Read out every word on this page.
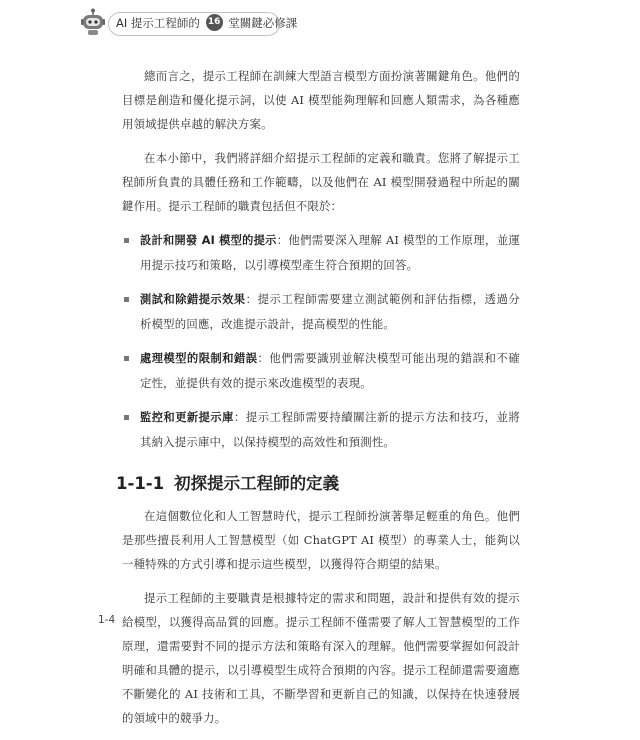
AI 提示工程師的 16 堂關鍵必修課

總而言之，提示工程師在訓練大型語言模型方面扮演著關鍵角色。他們的目標是創造和優化提示詞，以使 AI 模型能夠理解和回應人類需求，為各種應用領域提供卓越的解決方案。

在本小節中，我們將詳細介紹提示工程師的定義和職責。您將了解提示工程師所負責的具體任務和工作範疇，以及他們在 AI 模型開發過程中所起的關鍵作用。提示工程師的職責包括但不限於：

設計和開發 AI 模型的提示：他們需要深入理解 AI 模型的工作原理，並運用提示技巧和策略，以引導模型產生符合預期的回答。
測試和除錯提示效果：提示工程師需要建立測試範例和評估指標，透過分析模型的回應，改進提示設計，提高模型的性能。
處理模型的限制和錯誤：他們需要識別並解決模型可能出現的錯誤和不確定性，並提供有效的提示來改進模型的表現。
監控和更新提示庫：提示工程師需要持續關注新的提示方法和技巧，並將其納入提示庫中，以保持模型的高效性和預測性。
1-1-1 初探提示工程師的定義

在這個數位化和人工智慧時代，提示工程師扮演著舉足輕重的角色。他們是那些擅長利用人工智慧模型（如 ChatGPT AI 模型）的專業人士，能夠以一種特殊的方式引導和提示這些模型，以獲得符合期望的結果。

提示工程師的主要職責是根據特定的需求和問題，設計和提供有效的提示給模型，以獲得高品質的回應。提示工程師不僅需要了解人工智慧模型的工作原理，還需要對不同的提示方法和策略有深入的理解。他們需要掌握如何設計明確和具體的提示，以引導模型生成符合預期的內容。提示工程師還需要適應不斷變化的 AI 技術和工具，不斷學習和更新自己的知識，以保持在快速發展的領域中的競爭力。

1-4
